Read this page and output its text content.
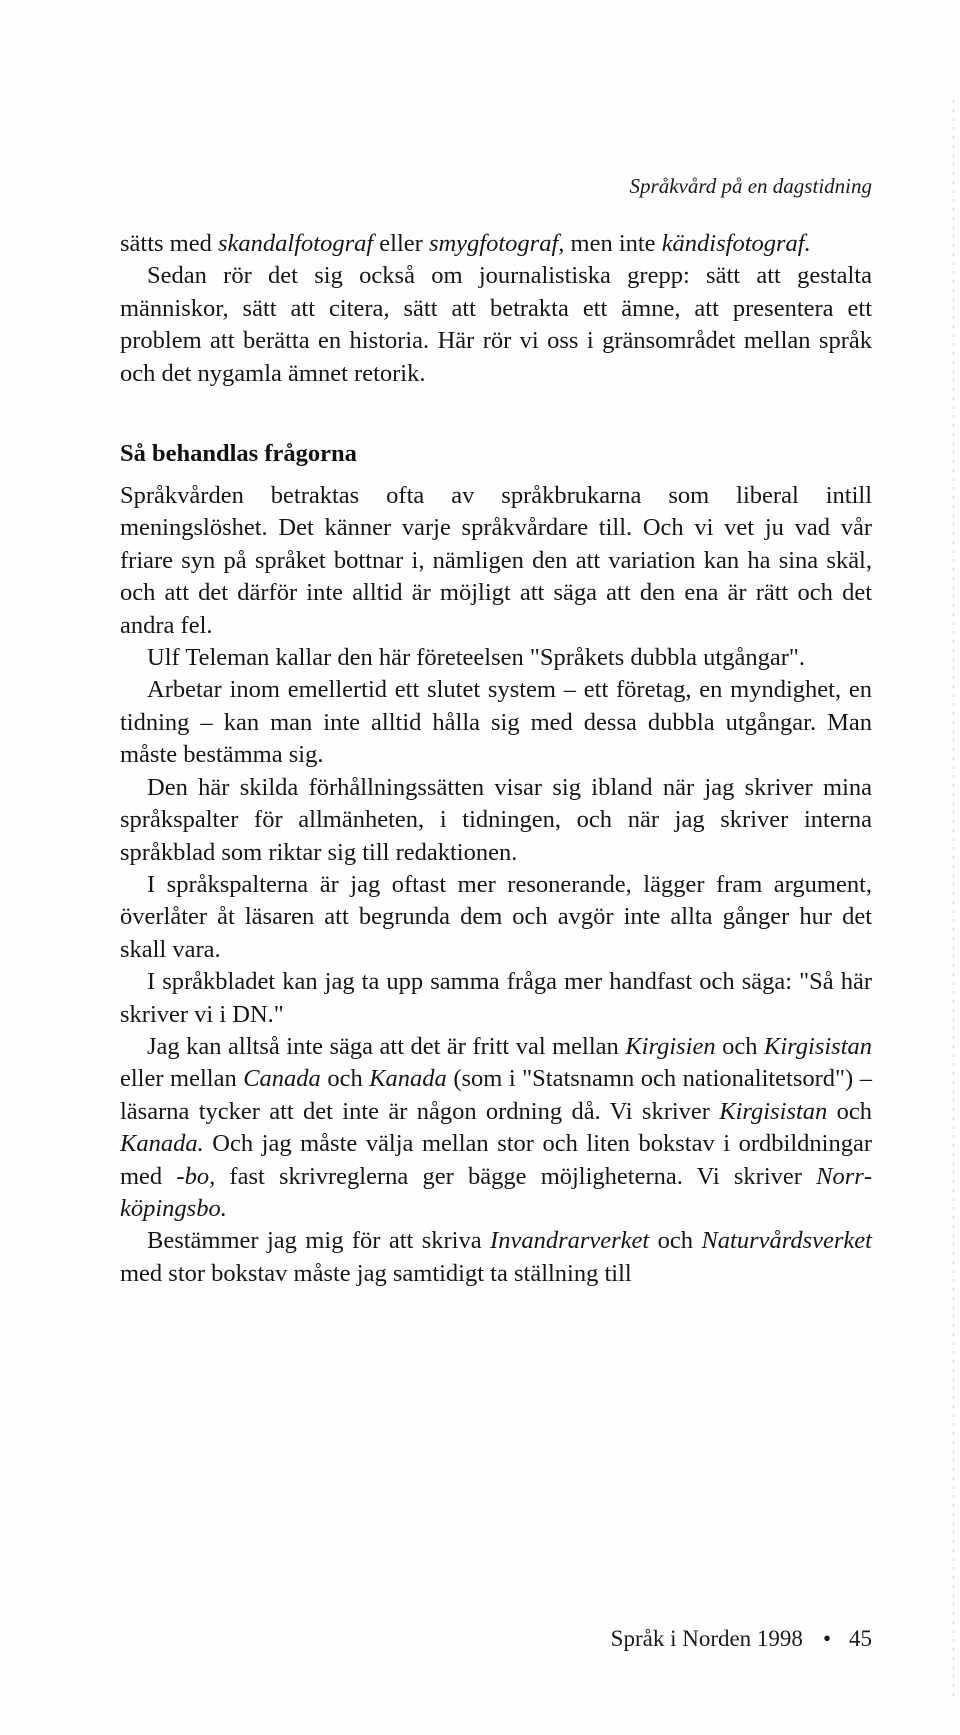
Språkvård på en dagstidning

sätts med skandalfotograf eller smygfotograf, men inte kändisfotograf.

Sedan rör det sig också om journalistiska grepp: sätt att gestalta människor, sätt att citera, sätt att betrakta ett ämne, att presentera ett problem att berätta en historia. Här rör vi oss i gränsområdet mellan språk och det nygamla ämnet retorik.

Så behandlas frågorna

Språkvården betraktas ofta av språkbrukarna som liberal intill meningslöshet. Det känner varje språkvårdare till. Och vi vet ju vad vår friare syn på språket bottnar i, nämligen den att variation kan ha sina skäl, och att det därför inte alltid är möjligt att säga att den ena är rätt och det andra fel.

Ulf Teleman kallar den här företeelsen "Språkets dubbla utgångar".

Arbetar inom emellertid ett slutet system – ett företag, en myndighet, en tidning – kan man inte alltid hålla sig med dessa dubbla utgångar. Man måste bestämma sig.

Den här skilda förhållningssätten visar sig ibland när jag skriver mina språkspalter för allmänheten, i tidningen, och när jag skriver interna språkblad som riktar sig till redaktionen.

I språkspalterna är jag oftast mer resonerande, lägger fram argument, överlåter åt läsaren att begrunda dem och avgör inte allta gånger hur det skall vara.

I språkbladet kan jag ta upp samma fråga mer handfast och säga: "Så här skriver vi i DN."

Jag kan alltså inte säga att det är fritt val mellan Kirgisien och Kirgisistan eller mellan Canada och Kanada (som i "Statsnamn och nationalitetsord") – läsarna tycker att det inte är någon ordning då. Vi skriver Kirgisistan och Kanada. Och jag måste välja mellan stor och liten bokstav i ordbildningar med -bo, fast skrivreglerna ger bägge möjligheterna. Vi skriver Norrköpingsbo.

Bestämmer jag mig för att skriva Invandrarverket och Naturvårdsverket med stor bokstav måste jag samtidigt ta ställning till

Språk i Norden 1998 • 45
